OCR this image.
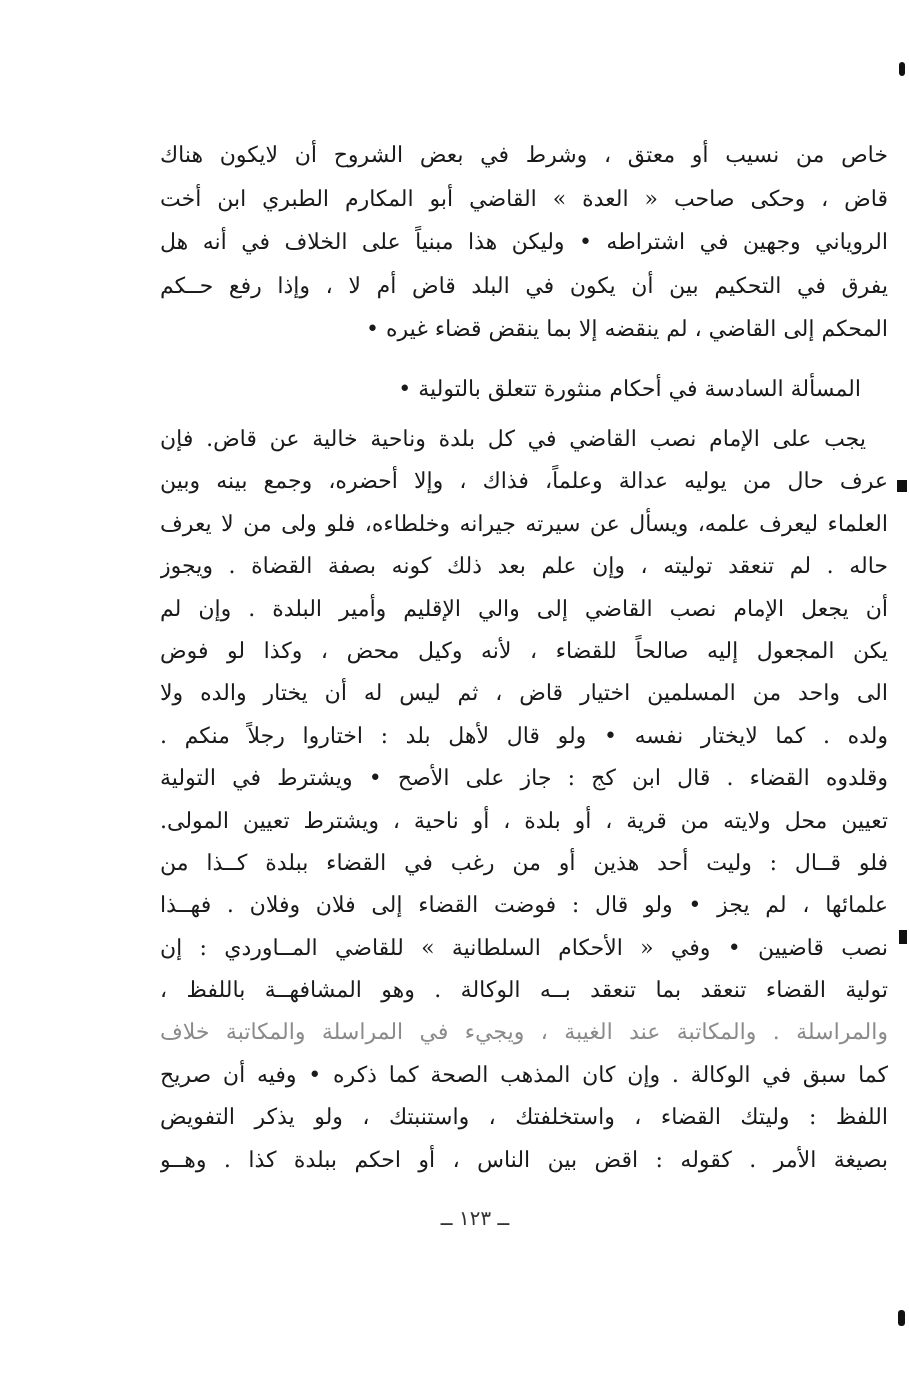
خاص من نسيب أو معتق ، وشرط في بعض الشروح أن لايكون هناك
قاض ، وحكى صاحب « العدة » القاضي أبو المكارم الطبري ابن أخت
الروياني وجهين في اشتراطه • وليكن هذا مبنياً على الخلاف في أنه هل
يفرق في التحكيم بين أن يكون في البلد قاض أم لا ، وإذا رفع حــكم
المحكم إلى القاضي ، لم ينقضه إلا بما ينقض قضاء غيره •
المسألة السادسة في أحكام منثورة تتعلق بالتولية •
يجب على الإمام نصب القاضي في كل بلدة وناحية خالية عن قاض. فإن
عرف حال من يوليه عدالة وعلماً، فذاك ، وإلا أحضره، وجمع بينه وبين
العلماء ليعرف علمه، ويسأل عن سيرته جيرانه وخلطاءه، فلو ولى من لا يعرف
حاله . لم تنعقد توليته ، وإن علم بعد ذلك كونه بصفة القضاة . ويجوز
أن يجعل الإمام نصب القاضي إلى والي الإقليم وأمير البلدة . وإن لم
يكن المجعول إليه صالحاً للقضاء ، لأنه وكيل محض ، وكذا لو فوض
الى واحد من المسلمين اختيار قاض ، ثم ليس له أن يختار والده ولا
ولده . كما لايختار نفسه • ولو قال لأهل بلد : اختاروا رجلاً منكم .
وقلدوه القضاء . قال ابن كج : جاز على الأصح • ويشترط في التولية
تعيين محل ولايته من قرية ، أو بلدة ، أو ناحية ، ويشترط تعيين المولى.
فلو قــال : وليت أحد هذين أو من رغب في القضاء ببلدة كــذا من
علمائها ، لم يجز • ولو قال : فوضت القضاء إلى فلان وفلان . فهــذا
نصب قاضيين • وفي « الأحكام السلطانية » للقاضي المــاوردي : إن
تولية القضاء تنعقد بما تنعقد بــه الوكالة . وهو المشافهــة باللفظ ،
والمراسلة . والمكاتبة عند الغيبة ، ويجيء في المراسلة والمكاتبة خلاف
كما سبق في الوكالة . وإن كان المذهب الصحة كما ذكره • وفيه أن صريح
اللفظ : وليتك القضاء ، واستخلفتك ، واستنبتك ، ولو يذكر التفويض
بصيغة الأمر . كقوله : اقض بين الناس ، أو احكم ببلدة كذا . وهــو
ــ ١٢٣ ــ
